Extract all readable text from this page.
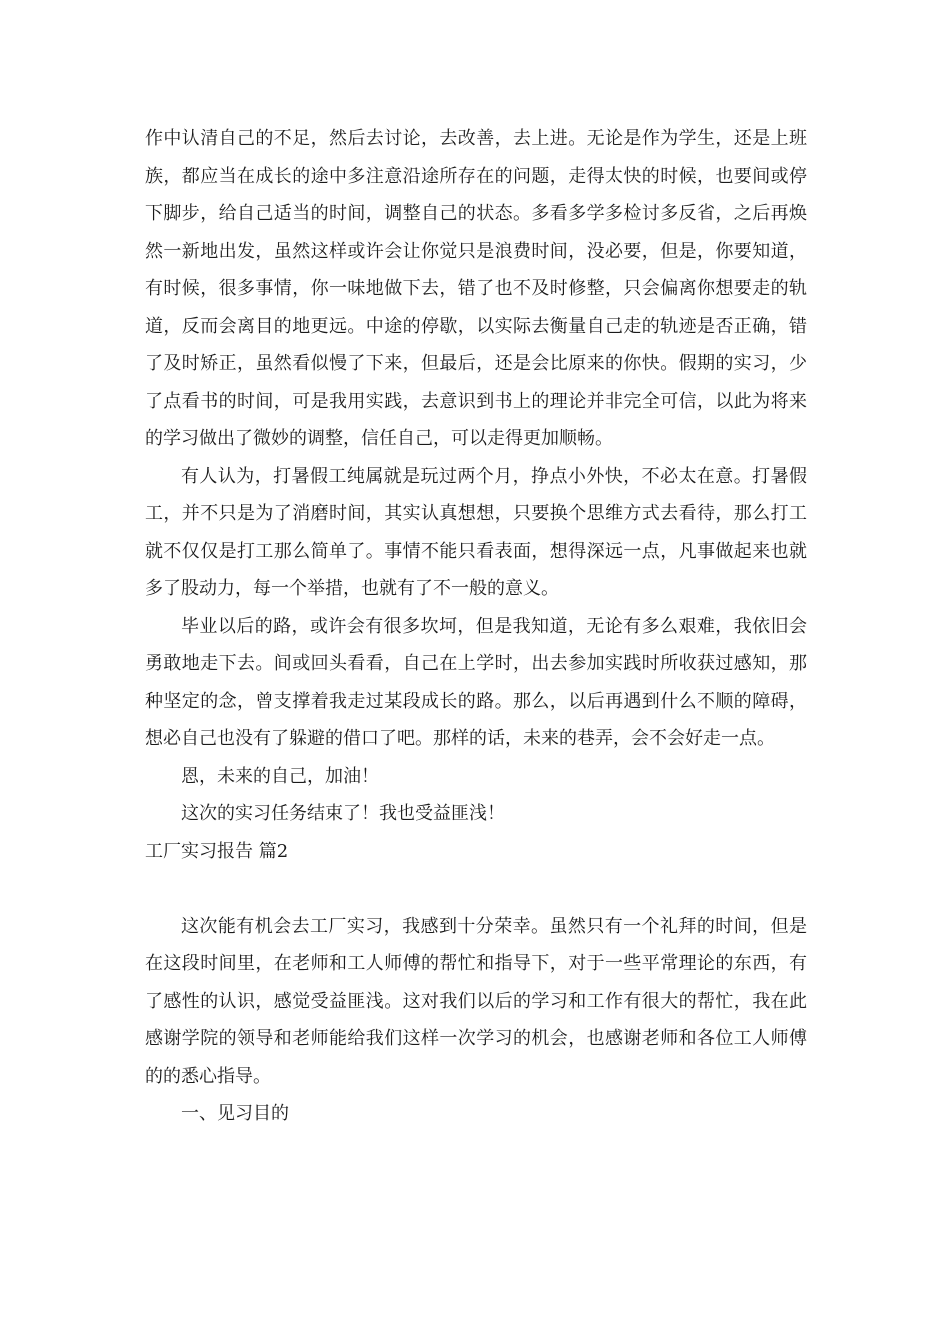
作中认清自己的不足，然后去讨论，去改善，去上进。无论是作为学生，还是上班族，都应当在成长的途中多注意沿途所存在的问题，走得太快的时候，也要间或停下脚步，给自己适当的时间，调整自己的状态。多看多学多检讨多反省，之后再焕然一新地出发，虽然这样或许会让你觉只是浪费时间，没必要，但是，你要知道，有时候，很多事情，你一味地做下去，错了也不及时修整，只会偏离你想要走的轨道，反而会离目的地更远。中途的停歇，以实际去衡量自己走的轨迹是否正确，错了及时矫正，虽然看似慢了下来，但最后，还是会比原来的你快。假期的实习，少了点看书的时间，可是我用实践，去意识到书上的理论并非完全可信，以此为将来的学习做出了微妙的调整，信任自己，可以走得更加顺畅。

有人认为，打暑假工纯属就是玩过两个月，挣点小外快，不必太在意。打暑假工，并不只是为了消磨时间，其实认真想想，只要换个思维方式去看待，那么打工就不仅仅是打工那么简单了。事情不能只看表面，想得深远一点，凡事做起来也就多了股动力，每一个举措，也就有了不一般的意义。

毕业以后的路，或许会有很多坎坷，但是我知道，无论有多么艰难，我依旧会勇敢地走下去。间或回头看看，自己在上学时，出去参加实践时所收获过感知，那种坚定的念，曾支撑着我走过某段成长的路。那么，以后再遇到什么不顺的障碍，想必自己也没有了躲避的借口了吧。那样的话，未来的巷弄，会不会好走一点。

恩，未来的自己，加油！

这次的实习任务结束了！我也受益匪浅！

工厂实习报告 篇2

这次能有机会去工厂实习，我感到十分荣幸。虽然只有一个礼拜的时间，但是在这段时间里，在老师和工人师傅的帮忙和指导下，对于一些平常理论的东西，有了感性的认识，感觉受益匪浅。这对我们以后的学习和工作有很大的帮忙，我在此感谢学院的领导和老师能给我们这样一次学习的机会，也感谢老师和各位工人师傅的的悉心指导。

一、见习目的
